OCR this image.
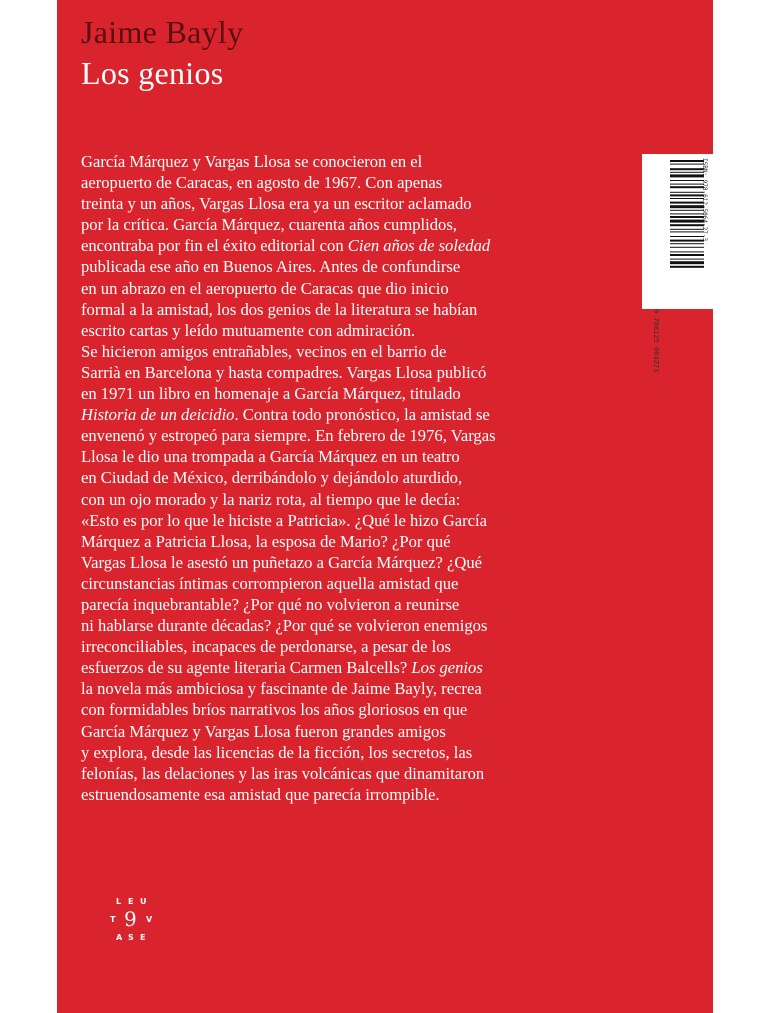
Jaime Bayly
Los genios
García Márquez y Vargas Llosa se conocieron en el
aeropuerto de Caracas, en agosto de 1967. Con apenas
treinta y un años, Vargas Llosa era ya un escritor aclamado
por la crítica. García Márquez, cuarenta años cumplidos,
encontraba por fin el éxito editorial con Cien años de soledad
publicada ese año en Buenos Aires. Antes de confundirse
en un abrazo en el aeropuerto de Caracas que dio inicio
formal a la amistad, los dos genios de la literatura se habían
escrito cartas y leído mutuamente con admiración.
Se hicieron amigos entrañables, vecinos en el barrio de
Sarrià en Barcelona y hasta compadres. Vargas Llosa publicó
en 1971 un libro en homenaje a García Márquez, titulado
Historia de un deicidio. Contra todo pronóstico, la amistad se
envenenó y estropeó para siempre. En febrero de 1976, Vargas
Llosa le dio una trompada a García Márquez en un teatro
en Ciudad de México, derribándolo y dejándolo aturdido,
con un ojo morado y la nariz rota, al tiempo que le decía:
«Esto es por lo que le hiciste a Patricia». ¿Qué le hizo García
Márquez a Patricia Llosa, la esposa de Mario? ¿Por qué
Vargas Llosa le asestó un puñetazo a García Márquez? ¿Qué
circunstancias íntimas corrompieron aquella amistad que
parecía inquebrantable? ¿Por qué no volvieron a reunirse
ni hablarse durante décadas? ¿Por qué se volvieron enemigos
irreconciliables, incapaces de perdonarse, a pesar de los
esfuerzos de su agente literaria Carmen Balcells? Los genios
la novela más ambiciosa y fascinante de Jaime Bayly, recrea
con formidables bríos narrativos los años gloriosos en que
García Márquez y Vargas Llosa fueron grandes amigos
y explora, desde las licencias de la ficción, los secretos, las
felonías, las delaciones y las iras volcánicas que dinamitaron
estruendosamente esa amistad que parecía irrompible.
ISBN: 978-612-5064-27-3
9 786125 064273
L E U
T 9 V
A S E
